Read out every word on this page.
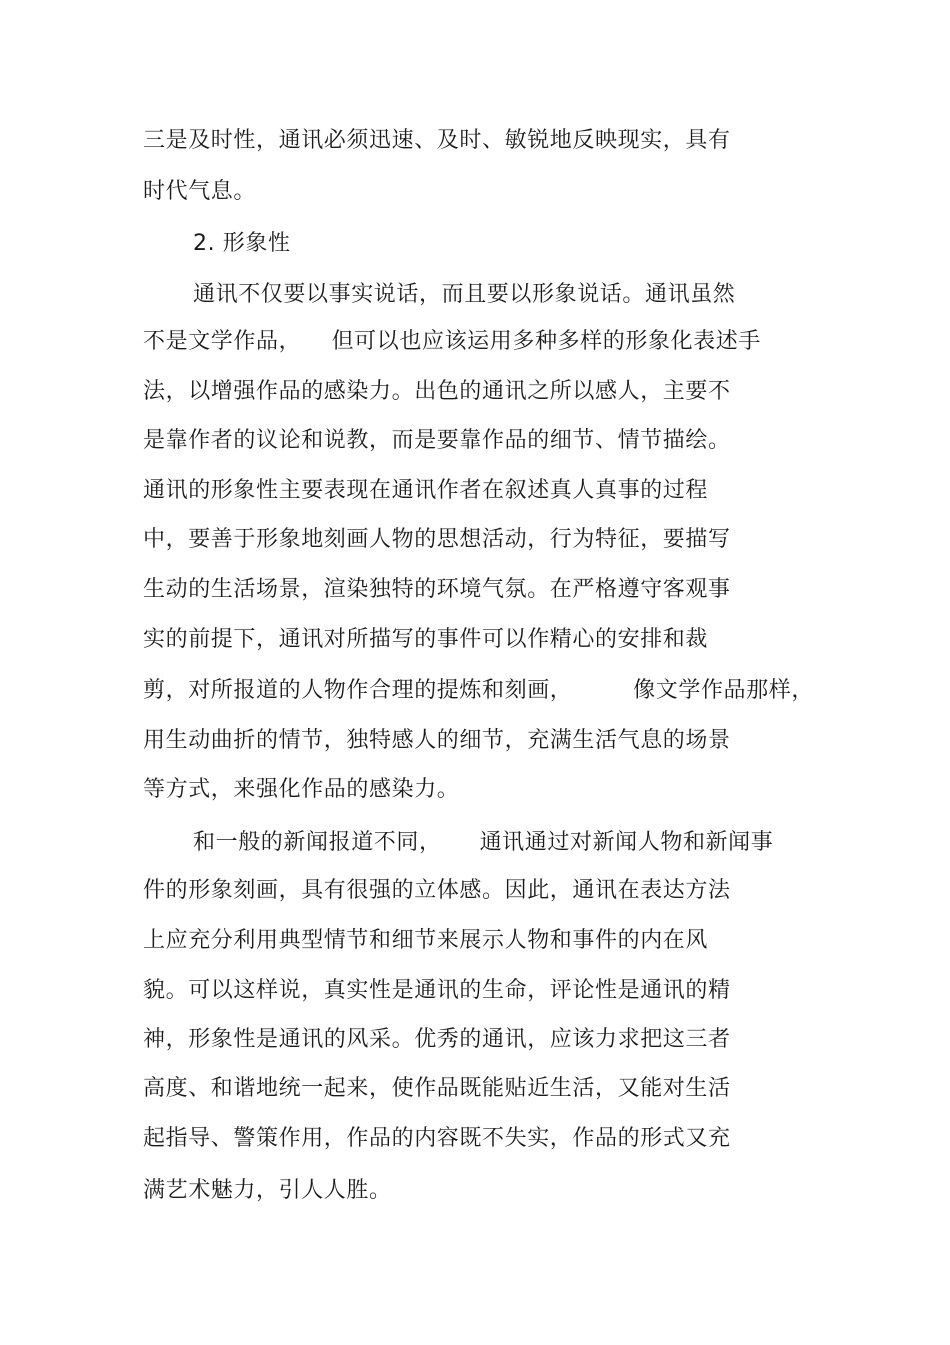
三是及时性，通讯必须迅速、及时、敏锐地反映现实，具有
时代气息。
2. 形象性
通讯不仅要以事实说话，而且要以形象说话。通讯虽然
不是文学作品，    但可以也应该运用多种多样的形象化表述手
法，以增强作品的感染力。出色的通讯之所以感人，主要不
是靠作者的议论和说教，而是要靠作品的细节、情节描绘。
通讯的形象性主要表现在通讯作者在叙述真人真事的过程
中，要善于形象地刻画人物的思想活动，行为特征，要描写
生动的生活场景，渲染独特的环境气氛。在严格遵守客观事
实的前提下，通讯对所描写的事件可以作精心的安排和裁
剪，对所报道的人物作合理的提炼和刻画，        像文学作品那样，
用生动曲折的情节，独特感人的细节，充满生活气息的场景
等方式，来强化作品的感染力。
和一般的新闻报道不同，     通讯通过对新闻人物和新闻事
件的形象刻画，具有很强的立体感。因此，通讯在表达方法
上应充分利用典型情节和细节来展示人物和事件的内在风
貌。可以这样说，真实性是通讯的生命，评论性是通讯的精
神，形象性是通讯的风采。优秀的通讯，应该力求把这三者
高度、和谐地统一起来，使作品既能贴近生活，又能对生活
起指导、警策作用，作品的内容既不失实，作品的形式又充
满艺术魅力，引人人胜。
